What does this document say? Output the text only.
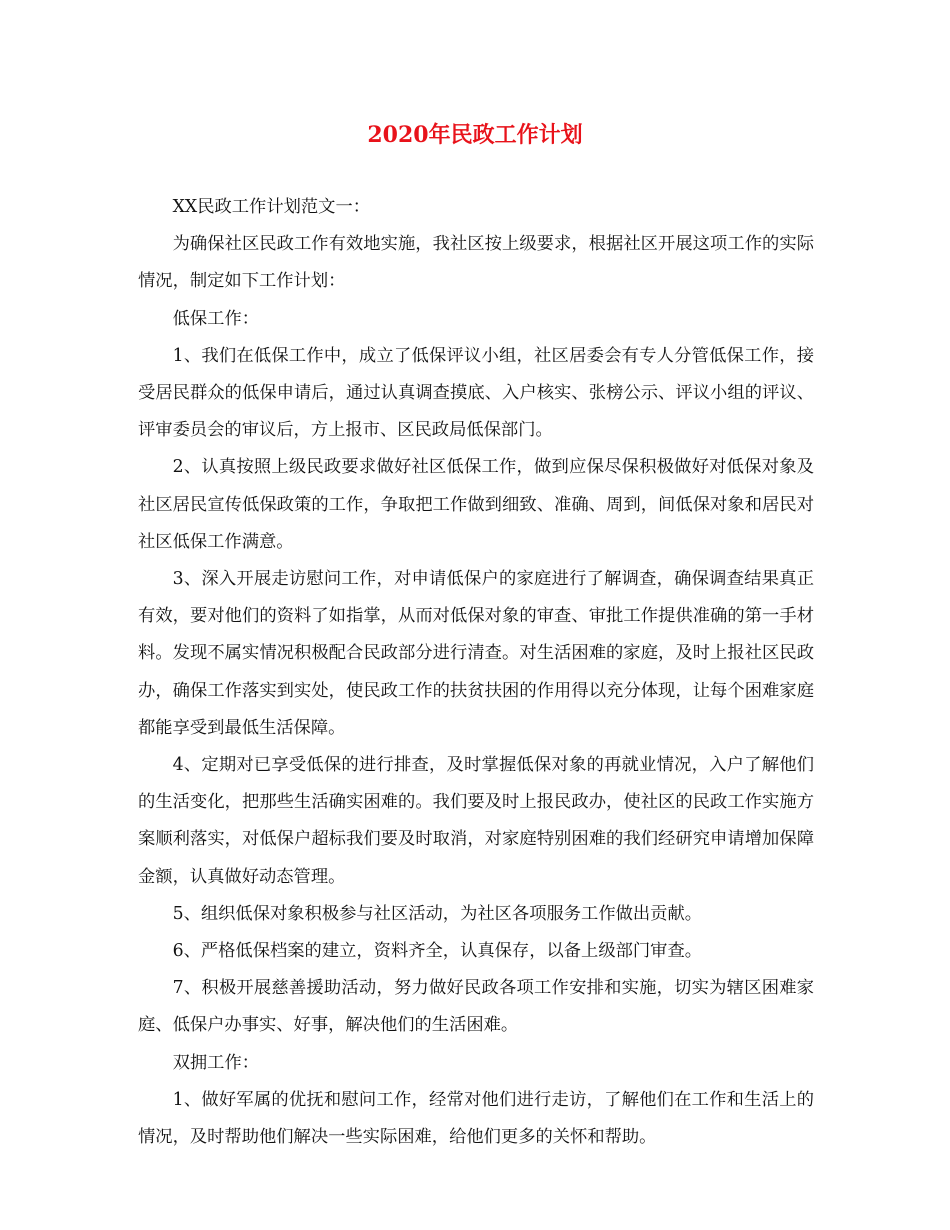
2020年民政工作计划

XX民政工作计划范文一：

为确保社区民政工作有效地实施，我社区按上级要求，根据社区开展这项工作的实际情况，制定如下工作计划：

低保工作：

1、我们在低保工作中，成立了低保评议小组，社区居委会有专人分管低保工作，接受居民群众的低保申请后，通过认真调查摸底、入户核实、张榜公示、评议小组的评议、评审委员会的审议后，方上报市、区民政局低保部门。

2、认真按照上级民政要求做好社区低保工作，做到应保尽保积极做好对低保对象及社区居民宣传低保政策的工作，争取把工作做到细致、准确、周到，间低保对象和居民对社区低保工作满意。

3、深入开展走访慰问工作，对申请低保户的家庭进行了解调查，确保调查结果真正有效，要对他们的资料了如指掌，从而对低保对象的审查、审批工作提供准确的第一手材料。发现不属实情况积极配合民政部分进行清查。对生活困难的家庭，及时上报社区民政办，确保工作落实到实处，使民政工作的扶贫扶困的作用得以充分体现，让每个困难家庭都能享受到最低生活保障。

4、定期对已享受低保的进行排查，及时掌握低保对象的再就业情况，入户了解他们的生活变化，把那些生活确实困难的。我们要及时上报民政办，使社区的民政工作实施方案顺利落实，对低保户超标我们要及时取消，对家庭特别困难的我们经研究申请增加保障金额，认真做好动态管理。

5、组织低保对象积极参与社区活动，为社区各项服务工作做出贡献。

6、严格低保档案的建立，资料齐全，认真保存，以备上级部门审查。

7、积极开展慈善援助活动，努力做好民政各项工作安排和实施，切实为辖区困难家庭、低保户办事实、好事，解决他们的生活困难。

双拥工作：

1、做好军属的优抚和慰问工作，经常对他们进行走访，了解他们在工作和生活上的情况，及时帮助他们解决一些实际困难，给他们更多的关怀和帮助。
